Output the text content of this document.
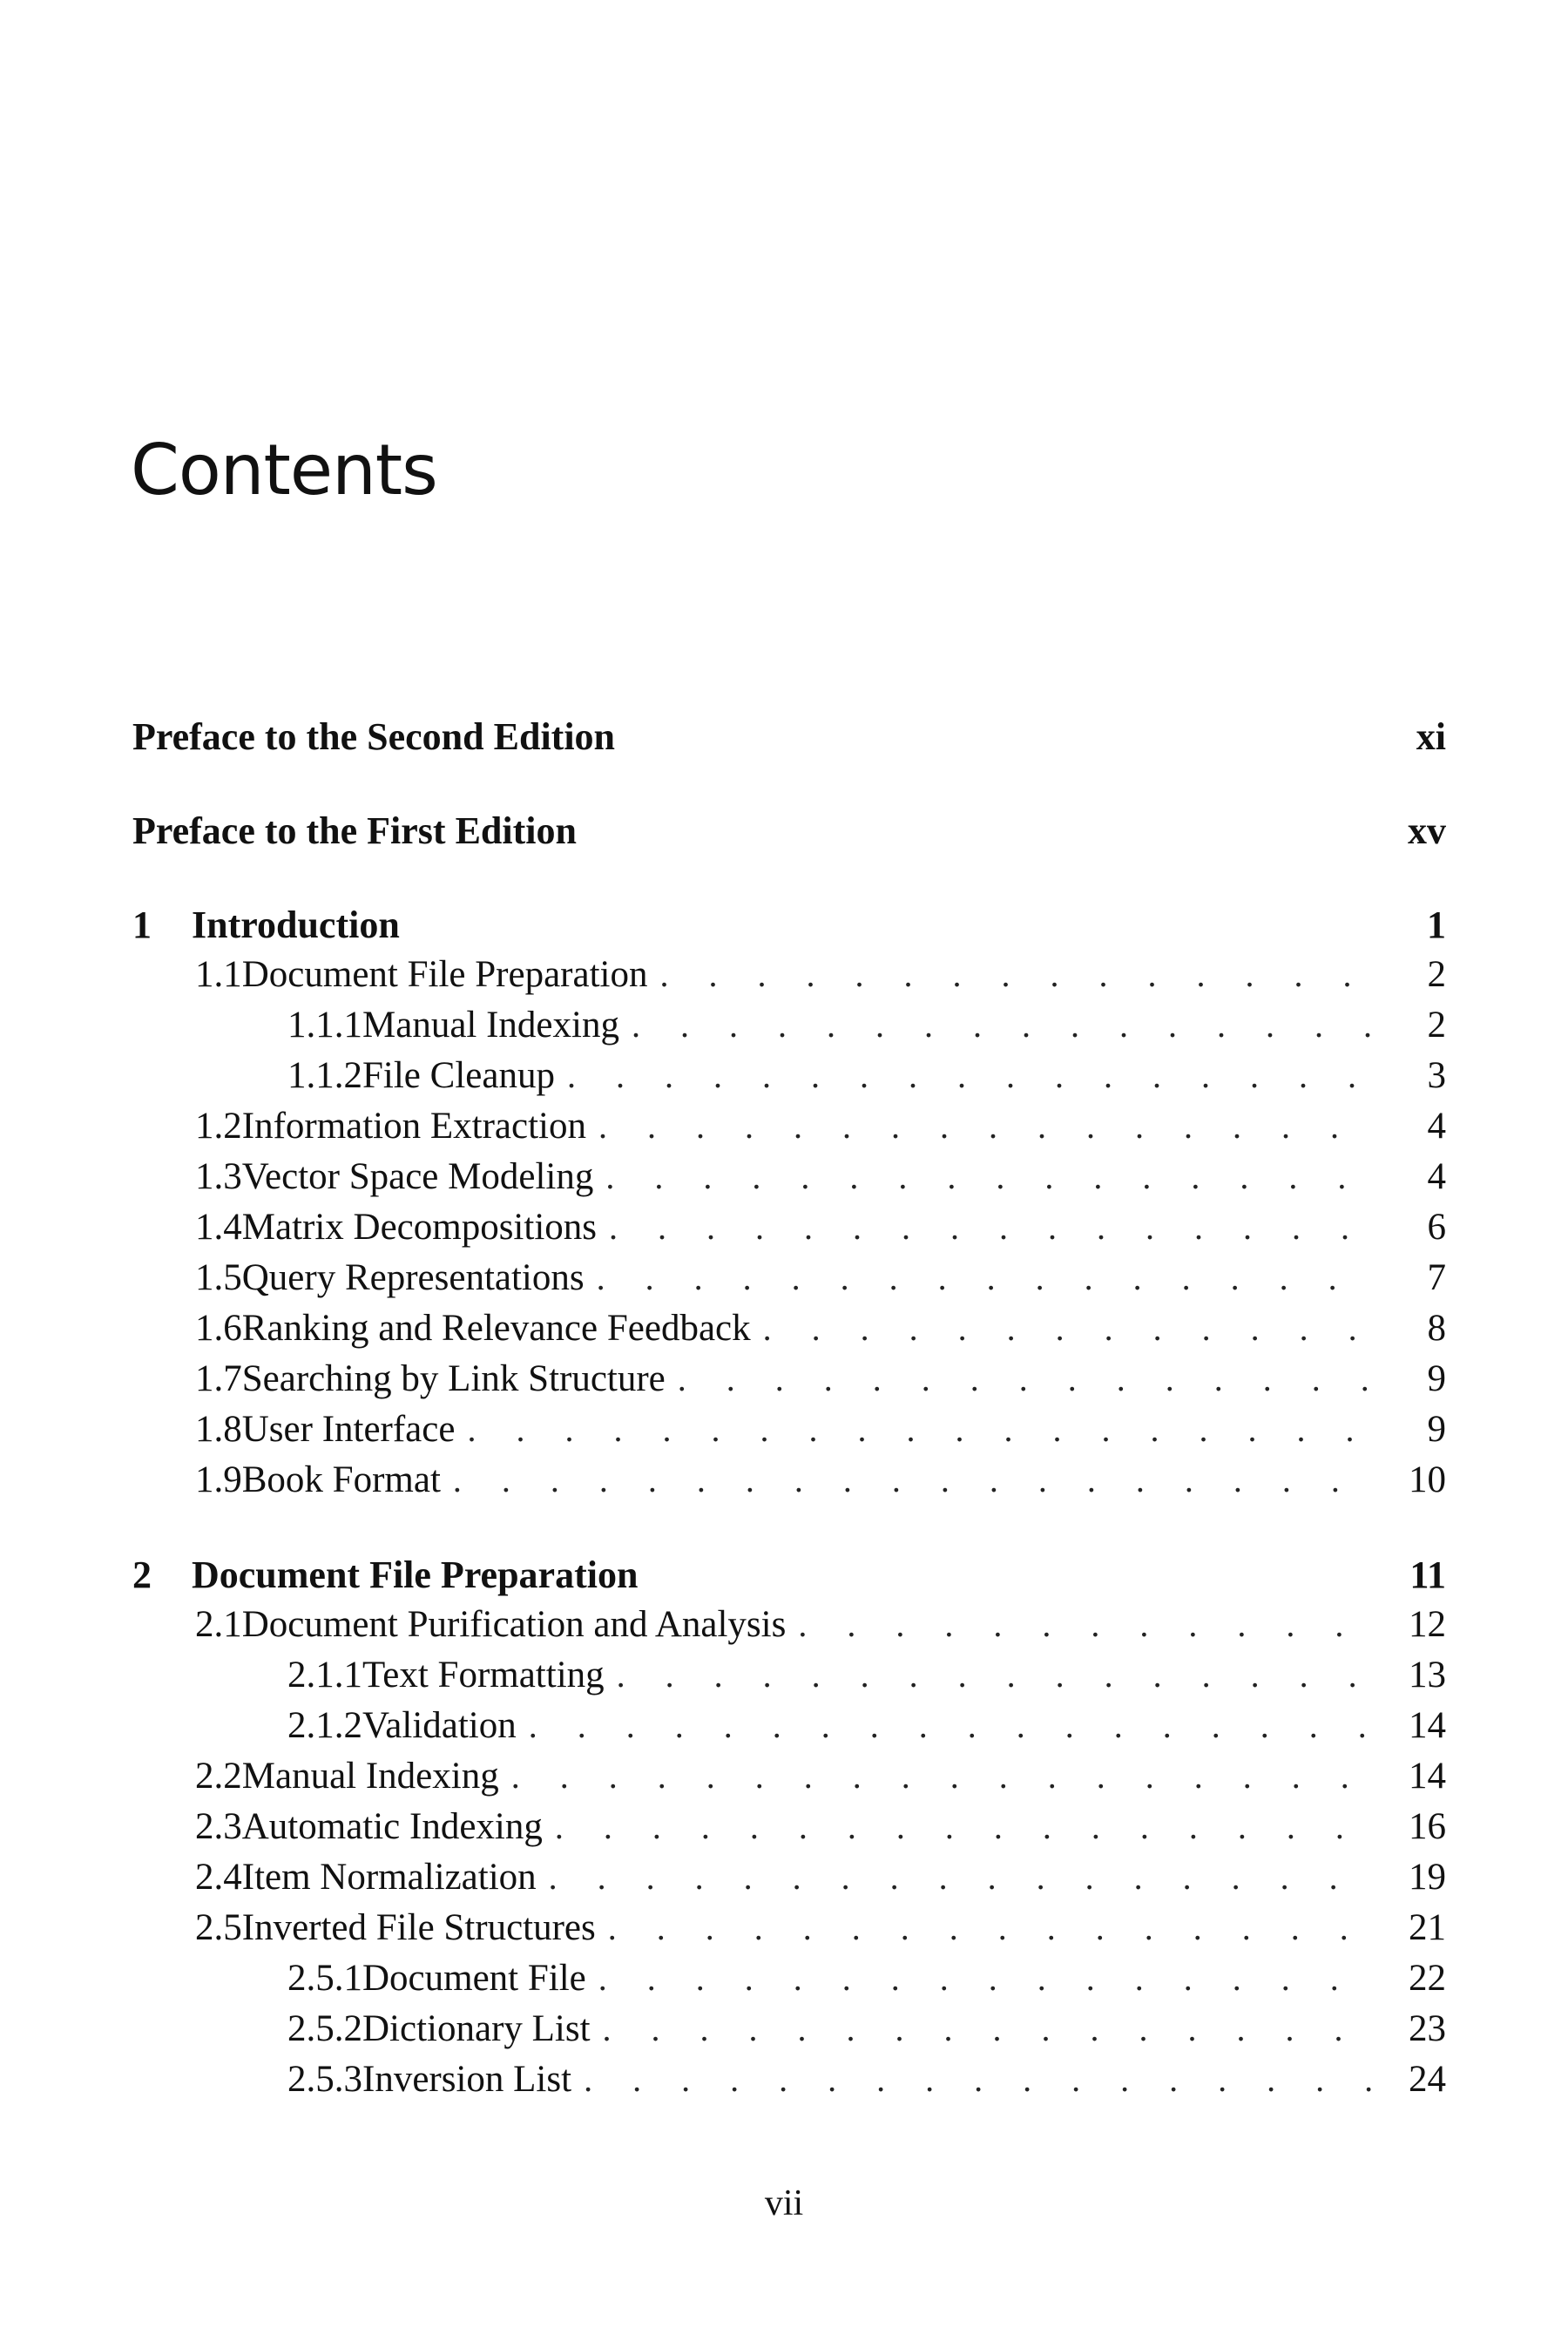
Contents
Preface to the Second Edition	xi
Preface to the First Edition	xv
1	Introduction	1
1.1 Document File Preparation . . .	2
1.1.1 Manual Indexing . . .	2
1.1.2 File Cleanup . . .	3
1.2 Information Extraction . . .	4
1.3 Vector Space Modeling . . .	4
1.4 Matrix Decompositions . . .	6
1.5 Query Representations . . .	7
1.6 Ranking and Relevance Feedback . . .	8
1.7 Searching by Link Structure . . .	9
1.8 User Interface . . .	9
1.9 Book Format . . .	10
2	Document File Preparation	11
2.1 Document Purification and Analysis . . .	12
2.1.1 Text Formatting . . .	13
2.1.2 Validation . . .	14
2.2 Manual Indexing . . .	14
2.3 Automatic Indexing . . .	16
2.4 Item Normalization . . .	19
2.5 Inverted File Structures . . .	21
2.5.1 Document File . . .	22
2.5.2 Dictionary List . . .	23
2.5.3 Inversion List . . .	24
vii
